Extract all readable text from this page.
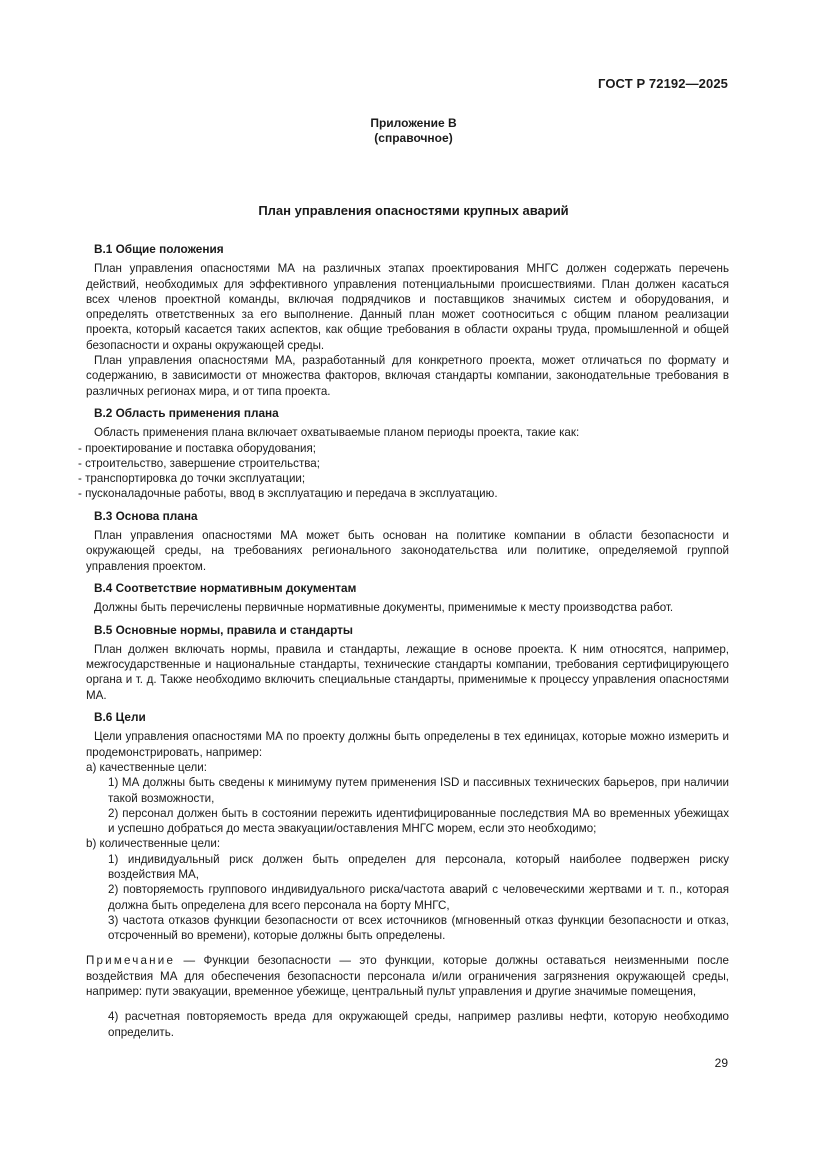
ГОСТ Р 72192—2025
Приложение В
(справочное)
План управления опасностями крупных аварий
В.1 Общие положения

План управления опасностями МА на различных этапах проектирования МНГС должен содержать перечень действий, необходимых для эффективного управления потенциальными происшествиями. План должен касаться всех членов проектной команды, включая подрядчиков и поставщиков значимых систем и оборудования, и определять ответственных за его выполнение. Данный план может соотноситься с общим планом реализации проекта, который касается таких аспектов, как общие требования в области охраны труда, промышленной и общей безопасности и охраны окружающей среды.

План управления опасностями МА, разработанный для конкретного проекта, может отличаться по формату и содержанию, в зависимости от множества факторов, включая стандарты компании, законодательные требования в различных регионах мира, и от типа проекта.

В.2 Область применения плана

Область применения плана включает охватываемые планом периоды проекта, такие как:

- проектирование и поставка оборудования;
- строительство, завершение строительства;
- транспортировка до точки эксплуатации;
- пусконаладочные работы, ввод в эксплуатацию и передача в эксплуатацию.
В.3 Основа плана

План управления опасностями МА может быть основан на политике компании в области безопасности и окружающей среды, на требованиях регионального законодательства или политике, определяемой группой управления проектом.

В.4 Соответствие нормативным документам

Должны быть перечислены первичные нормативные документы, применимые к месту производства работ.

В.5 Основные нормы, правила и стандарты

План должен включать нормы, правила и стандарты, лежащие в основе проекта. К ним относятся, например, межгосударственные и национальные стандарты, технические стандарты компании, требования сертифицирующего органа и т. д. Также необходимо включить специальные стандарты, применимые к процессу управления опасностями МА.

В.6 Цели

Цели управления опасностями МА по проекту должны быть определены в тех единицах, которые можно измерить и продемонстрировать, например:

а) качественные цели:

1) МА должны быть сведены к минимуму путем применения ISD и пассивных технических барьеров, при наличии такой возможности,

2) персонал должен быть в состоянии пережить идентифицированные последствия МА во временных убежищах и успешно добраться до места эвакуации/оставления МНГС морем, если это необходимо;

b) количественные цели:

1) индивидуальный риск должен быть определен для персонала, который наиболее подвержен риску воздействия МА,

2) повторяемость группового индивидуального риска/частота аварий с человеческими жертвами и т. п., которая должна быть определена для всего персонала на борту МНГС,

3) частота отказов функции безопасности от всех источников (мгновенный отказ функции безопасности и отказ, отсроченный во времени), которые должны быть определены.

Примечание — Функции безопасности — это функции, которые должны оставаться неизменными после воздействия МА для обеспечения безопасности персонала и/или ограничения загрязнения окружающей среды, например: пути эвакуации, временное убежище, центральный пульт управления и другие значимые помещения,

4) расчетная повторяемость вреда для окружающей среды, например разливы нефти, которую необходимо определить.

29
